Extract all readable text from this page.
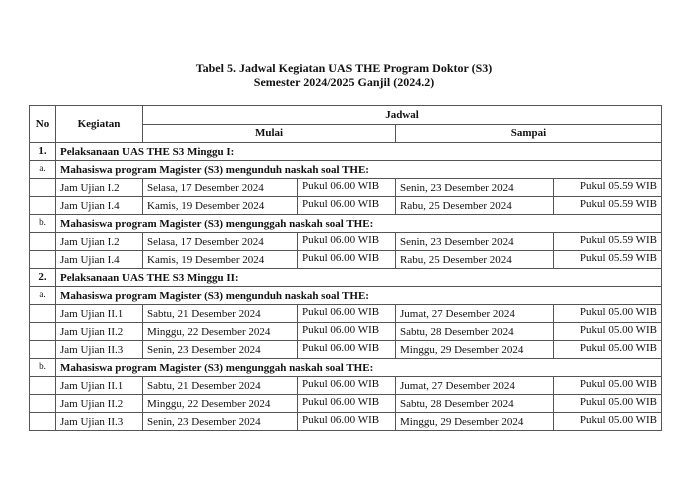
Tabel 5. Jadwal Kegiatan UAS THE Program Doktor (S3)
Semester 2024/2025 Ganjil (2024.2)
No	Kegiatan	Jadwal			
		Mulai		Sampai	
1.	Pelaksanaan UAS THE S3 Minggu I:				
a.	Mahasiswa program Magister (S3) mengunduh naskah soal THE:				
	Jam Ujian I.2	Selasa, 17 Desember 2024	Pukul 06.00 WIB	Senin, 23 Desember 2024	Pukul 05.59 WIB
	Jam Ujian I.4	Kamis, 19 Desember 2024	Pukul 06.00 WIB	Rabu, 25 Desember 2024	Pukul 05.59 WIB
b.	Mahasiswa program Magister (S3) mengunggah naskah soal THE:				
	Jam Ujian I.2	Selasa, 17 Desember 2024	Pukul 06.00 WIB	Senin, 23 Desember 2024	Pukul 05.59 WIB
	Jam Ujian I.4	Kamis, 19 Desember 2024	Pukul 06.00 WIB	Rabu, 25 Desember 2024	Pukul 05.59 WIB
2.	Pelaksanaan UAS THE S3 Minggu II:				
a.	Mahasiswa program Magister (S3) mengunduh naskah soal THE:				
	Jam Ujian II.1	Sabtu, 21 Desember 2024	Pukul 06.00 WIB	Jumat, 27 Desember 2024	Pukul 05.00 WIB
	Jam Ujian II.2	Minggu, 22 Desember 2024	Pukul 06.00 WIB	Sabtu, 28 Desember 2024	Pukul 05.00 WIB
	Jam Ujian II.3	Senin, 23 Desember 2024	Pukul 06.00 WIB	Minggu, 29 Desember 2024	Pukul 05.00 WIB
b.	Mahasiswa program Magister (S3) mengunggah naskah soal THE:				
	Jam Ujian II.1	Sabtu, 21 Desember 2024	Pukul 06.00 WIB	Jumat, 27 Desember 2024	Pukul 05.00 WIB
	Jam Ujian II.2	Minggu, 22 Desember 2024	Pukul 06.00 WIB	Sabtu, 28 Desember 2024	Pukul 05.00 WIB
	Jam Ujian II.3	Senin, 23 Desember 2024	Pukul 06.00 WIB	Minggu, 29 Desember 2024	Pukul 05.00 WIB
